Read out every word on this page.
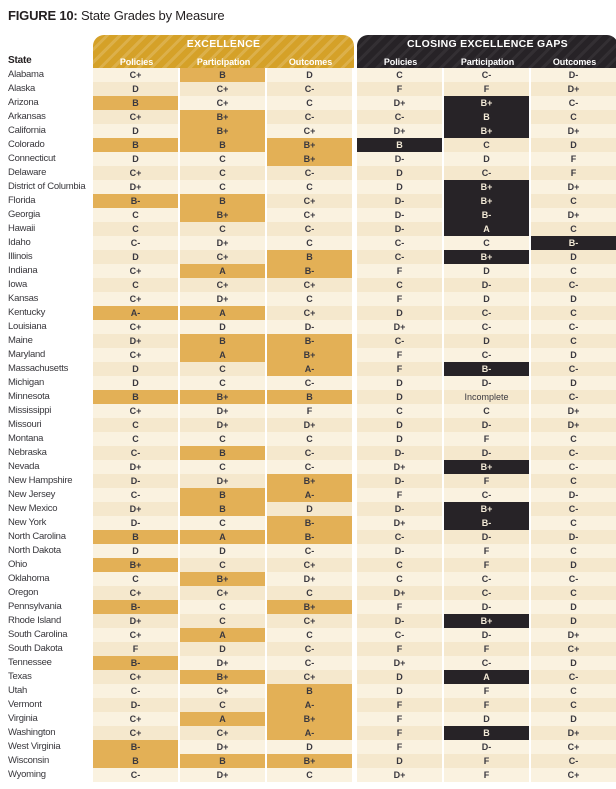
FIGURE 10: State Grades by Measure
State
EXCELLENCE
Policies	Participation	Outcomes
CLOSING EXCELLENCE GAPS
Policies	Participation	Outcomes
Alabama	C+	B	D	C	C-	D-
Alaska	D	C+	C-	F	F	D+
Arizona	B	C+	C	D+	B+	C-
Arkansas	C+	B+	C-	C-	B	C
California	D	B+	C+	D+	B+	D+
Colorado	B	B	B+	B	C	D
Connecticut	D	C	B+	D-	D	F
Delaware	C+	C	C-	D	C-	F
District of Columbia	D+	C	C	D	B+	D+
Florida	B-	B	C+	D-	B+	C
Georgia	C	B+	C+	D-	B-	D+
Hawaii	C	C	C-	D-	A	C
Idaho	C-	D+	C	C-	C	B-
Illinois	D	C+	B	C-	B+	D
Indiana	C+	A	B-	F	D	C
Iowa	C	C+	C+	C	D-	C-
Kansas	C+	D+	C	F	D	D
Kentucky	A-	A	C+	D	C-	C
Louisiana	C+	D	D-	D+	C-	C-
Maine	D+	B	B-	C-	D	C
Maryland	C+	A	B+	F	C-	D
Massachusetts	D	C	A-	F	B-	C-
Michigan	D	C	C-	D	D-	D
Minnesota	B	B+	B	D	Incomplete	C-
Mississippi	C+	D+	F	C	C	D+
Missouri	C	D+	D+	D	D-	D+
Montana	C	C	C	D	F	C
Nebraska	C-	B	C-	D-	D-	C-
Nevada	D+	C	C-	D+	B+	C-
New Hampshire	D-	D+	B+	D-	F	C
New Jersey	C-	B	A-	F	C-	D-
New Mexico	D+	B	D	D-	B+	C-
New York	D-	C	B-	D+	B-	C
North Carolina	B	A	B-	C-	D-	D-
North Dakota	D	D	C-	D-	F	C
Ohio	B+	C	C+	C	F	D
Oklahoma	C	B+	D+	C	C-	C-
Oregon	C+	C+	C	D+	C-	C
Pennsylvania	B-	C	B+	F	D-	D
Rhode Island	D+	C	C+	D-	B+	D
South Carolina	C+	A	C	C-	D-	D+
South Dakota	F	D	C-	F	F	C+
Tennessee	B-	D+	C-	D+	C-	D
Texas	C+	B+	C+	D	A	C-
Utah	C-	C+	B	D	F	C
Vermont	D-	C	A-	F	F	C
Virginia	C+	A	B+	F	D	D
Washington	C+	C+	A-	F	B	D+
West Virginia	B-	D+	D	F	D-	C+
Wisconsin	B	B	B+	D	F	C-
Wyoming	C-	D+	C	D+	F	C+
